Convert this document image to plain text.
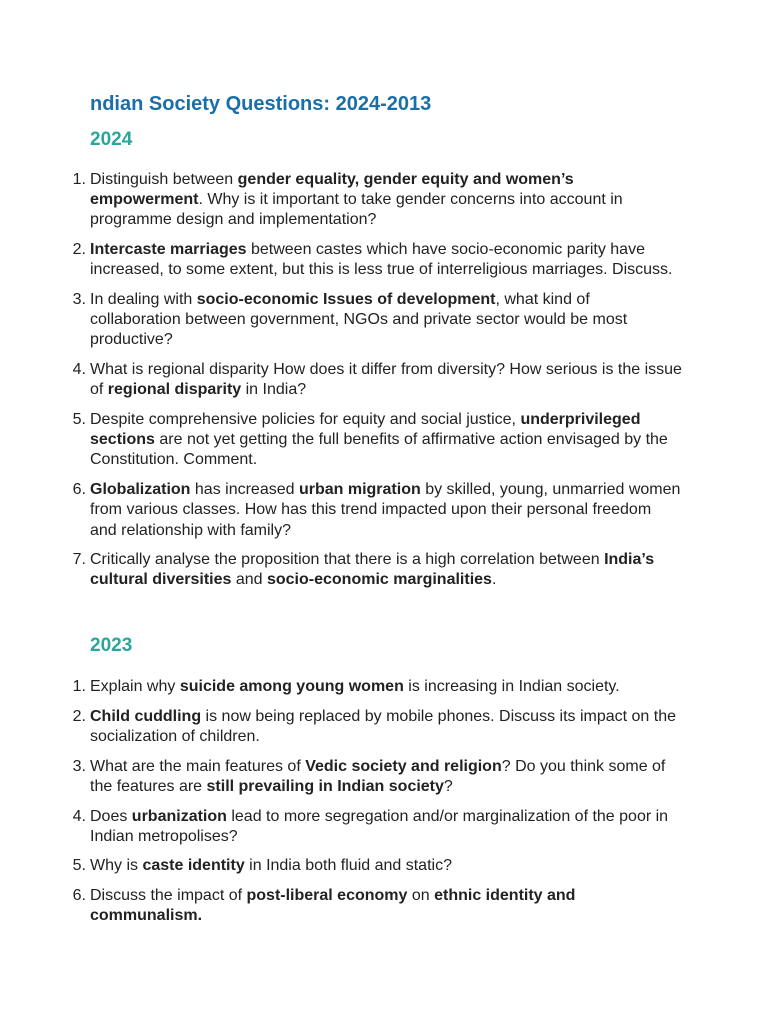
ndian Society Questions: 2024-2013
2024
1. Distinguish between gender equality, gender equity and women’s empowerment. Why is it important to take gender concerns into account in programme design and implementation?
2. Intercaste marriages between castes which have socio-economic parity have increased, to some extent, but this is less true of interreligious marriages. Discuss.
3. In dealing with socio-economic Issues of development, what kind of collaboration between government, NGOs and private sector would be most productive?
4. What is regional disparity How does it differ from diversity? How serious is the issue of regional disparity in India?
5. Despite comprehensive policies for equity and social justice, underprivileged sections are not yet getting the full benefits of affirmative action envisaged by the Constitution. Comment.
6. Globalization has increased urban migration by skilled, young, unmarried women from various classes. How has this trend impacted upon their personal freedom and relationship with family?
7. Critically analyse the proposition that there is a high correlation between India’s cultural diversities and socio-economic marginalities.
2023
1. Explain why suicide among young women is increasing in Indian society.
2. Child cuddling is now being replaced by mobile phones. Discuss its impact on the socialization of children.
3. What are the main features of Vedic society and religion? Do you think some of the features are still prevailing in Indian society?
4. Does urbanization lead to more segregation and/or marginalization of the poor in Indian metropolises?
5. Why is caste identity in India both fluid and static?
6. Discuss the impact of post-liberal economy on ethnic identity and communalism.
